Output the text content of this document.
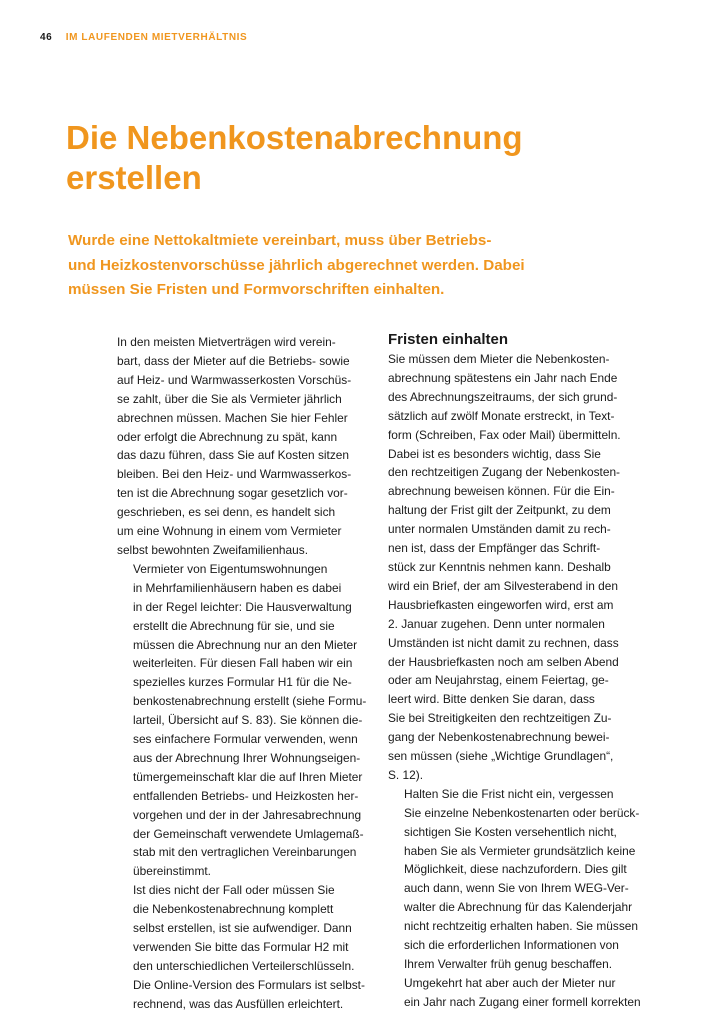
46 IM LAUFENDEN MIETVERHÄLTNIS
Die Nebenkostenabrechnung
erstellen
Wurde eine Nettokaltmiete vereinbart, muss über Betriebs-
und Heizkostenvorschüsse jährlich abgerechnet werden. Dabei
müssen Sie Fristen und Formvorschriften einhalten.

In den meisten Mietverträgen wird verein-
bart, dass der Mieter auf die Betriebs- sowie
auf Heiz- und Warmwasserkosten Vorschüs-
se zahlt, über die Sie als Vermieter jährlich
abrechnen müssen. Machen Sie hier Fehler
oder erfolgt die Abrechnung zu spät, kann
das dazu führen, dass Sie auf Kosten sitzen
bleiben. Bei den Heiz- und Warmwasserkos-
ten ist die Abrechnung sogar gesetzlich vor-
geschrieben, es sei denn, es handelt sich
um eine Wohnung in einem vom Vermieter
selbst bewohnten Zweifamilienhaus.

Vermieter von Eigentumswohnungen
in Mehrfamilienhäusern haben es dabei
in der Regel leichter: Die Hausverwaltung
erstellt die Abrechnung für sie, und sie
müssen die Abrechnung nur an den Mieter
weiterleiten. Für diesen Fall haben wir ein
spezielles kurzes Formular H1 für die Ne-
benkostenabrechnung erstellt (siehe Formu-
larteil, Übersicht auf S. 83). Sie können die-
ses einfachere Formular verwenden, wenn
aus der Abrechnung Ihrer Wohnungseigen-
tümergemeinschaft klar die auf Ihren Mieter
entfallenden Betriebs- und Heizkosten her-
vorgehen und der in der Jahresabrechnung
der Gemeinschaft verwendete Umlagemaß-
stab mit den vertraglichen Vereinbarungen
übereinstimmt.

Ist dies nicht der Fall oder müssen Sie
die Nebenkostenabrechnung komplett
selbst erstellen, ist sie aufwendiger. Dann
verwenden Sie bitte das Formular H2 mit
den unterschiedlichen Verteilerschlüsseln.
Die Online-Version des Formulars ist selbst-
rechnend, was das Ausfüllen erleichtert.

Fristen einhalten

Sie müssen dem Mieter die Nebenkosten-
abrechnung spätestens ein Jahr nach Ende
des Abrechnungszeitraums, der sich grund-
sätzlich auf zwölf Monate erstreckt, in Text-
form (Schreiben, Fax oder Mail) übermitteln.
Dabei ist es besonders wichtig, dass Sie
den rechtzeitigen Zugang der Nebenkosten-
abrechnung beweisen können. Für die Ein-
haltung der Frist gilt der Zeitpunkt, zu dem
unter normalen Umständen damit zu rech-
nen ist, dass der Empfänger das Schrift-
stück zur Kenntnis nehmen kann. Deshalb
wird ein Brief, der am Silvesterabend in den
Hausbriefkasten eingeworfen wird, erst am
2. Januar zugehen. Denn unter normalen
Umständen ist nicht damit zu rechnen, dass
der Hausbriefkasten noch am selben Abend
oder am Neujahrstag, einem Feiertag, ge-
leert wird. Bitte denken Sie daran, dass
Sie bei Streitigkeiten den rechtzeitigen Zu-
gang der Nebenkostenabrechnung bewei-
sen müssen (siehe „Wichtige Grundlagen“,
S. 12).

Halten Sie die Frist nicht ein, vergessen
Sie einzelne Nebenkostenarten oder berück-
sichtigen Sie Kosten versehentlich nicht,
haben Sie als Vermieter grundsätzlich keine
Möglichkeit, diese nachzufordern. Dies gilt
auch dann, wenn Sie von Ihrem WEG-Ver-
walter die Abrechnung für das Kalenderjahr
nicht rechtzeitig erhalten haben. Sie müssen
sich die erforderlichen Informationen von
Ihrem Verwalter früh genug beschaffen.

Umgekehrt hat aber auch der Mieter nur
ein Jahr nach Zugang einer formell korrekten
